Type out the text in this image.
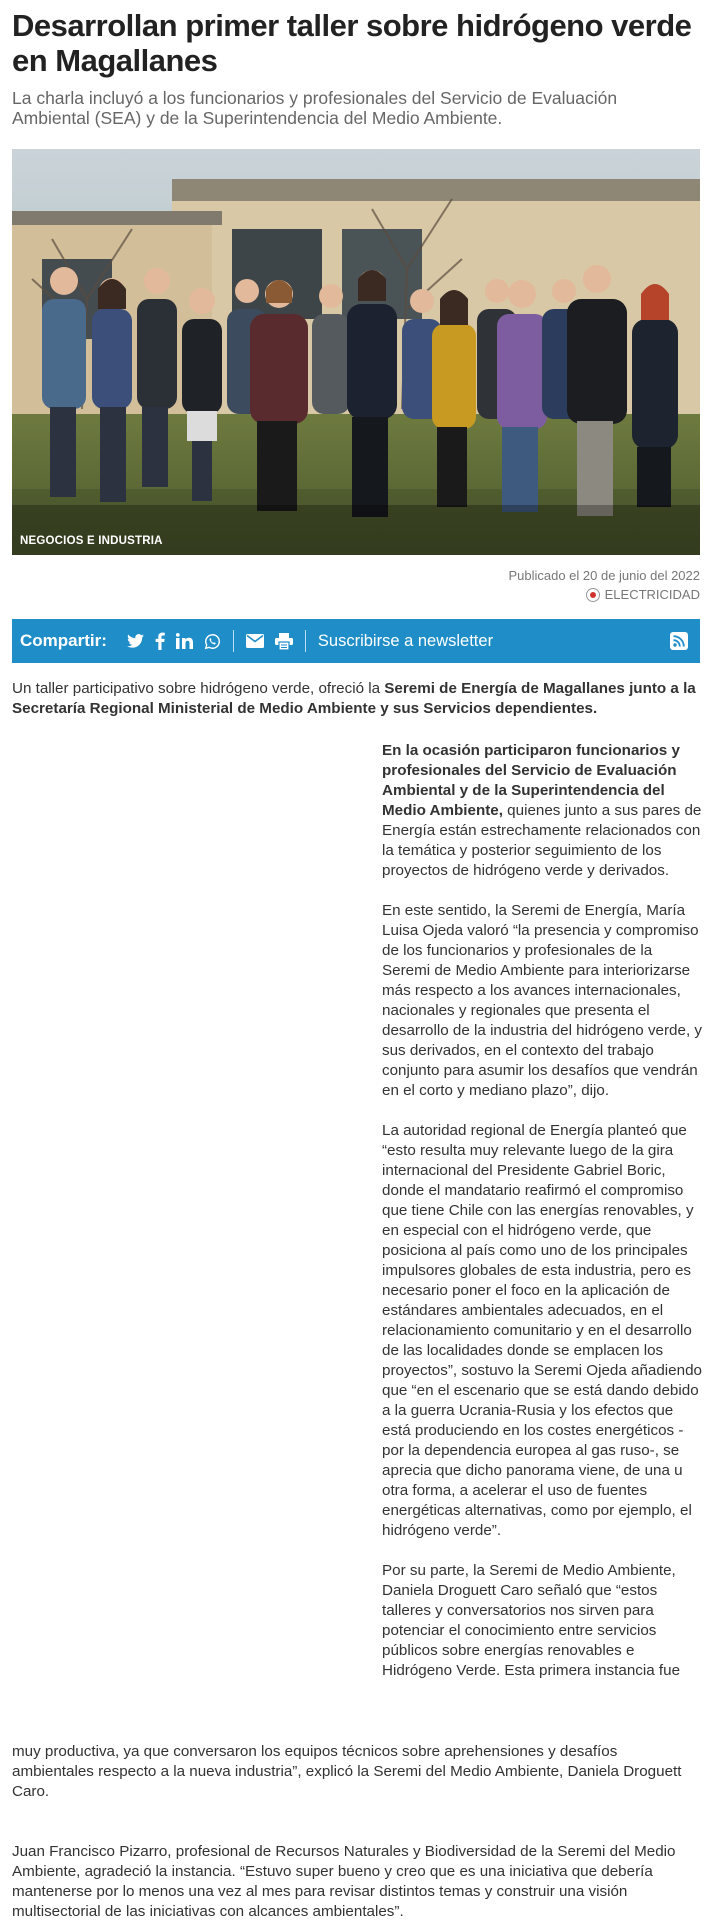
Desarrollan primer taller sobre hidrógeno verde en Magallanes

La charla incluyó a los funcionarios y profesionales del Servicio de Evaluación Ambiental (SEA) y de la Superintendencia del Medio Ambiente.

NEGOCIOS E INDUSTRIA
Publicado el 20 de junio del 2022
ELECTRICIDAD
Compartir:	Suscribirse a newsletter

Un taller participativo sobre hidrógeno verde, ofreció la Seremi de Energía de Magallanes junto a la Secretaría Regional Ministerial de Medio Ambiente y sus Servicios dependientes.

En la ocasión participaron funcionarios y profesionales del Servicio de Evaluación Ambiental y de la Superintendencia del Medio Ambiente, quienes junto a sus pares de Energía están estrechamente relacionados con la temática y posterior seguimiento de los proyectos de hidrógeno verde y derivados.

En este sentido, la Seremi de Energía, María Luisa Ojeda valoró “la presencia y compromiso de los funcionarios y profesionales de la Seremi de Medio Ambiente para interiorizarse más respecto a los avances internacionales, nacionales y regionales que presenta el desarrollo de la industria del hidrógeno verde, y sus derivados, en el contexto del trabajo conjunto para asumir los desafíos que vendrán en el corto y mediano plazo”, dijo.

La autoridad regional de Energía planteó que “esto resulta muy relevante luego de la gira internacional del Presidente Gabriel Boric, donde el mandatario reafirmó el compromiso que tiene Chile con las energías renovables, y en especial con el hidrógeno verde, que posiciona al país como uno de los principales impulsores globales de esta industria, pero es necesario poner el foco en la aplicación de estándares ambientales adecuados, en el relacionamiento comunitario y en el desarrollo de las localidades donde se emplacen los proyectos”, sostuvo la Seremi Ojeda añadiendo que “en el escenario que se está dando debido a la guerra Ucrania-Rusia y los efectos que está produciendo en los costes energéticos -por la dependencia europea al gas ruso-, se aprecia que dicho panorama viene, de una u otra forma, a acelerar el uso de fuentes energéticas alternativas, como por ejemplo, el hidrógeno verde”.

Por su parte, la Seremi de Medio Ambiente, Daniela Droguett Caro señaló que “estos talleres y conversatorios nos sirven para potenciar el conocimiento entre servicios públicos sobre energías renovables e Hidrógeno Verde. Esta primera instancia fue

muy productiva, ya que conversaron los equipos técnicos sobre aprehensiones y desafíos ambientales respecto a la nueva industria”, explicó la Seremi del Medio Ambiente, Daniela Droguett Caro.

Juan Francisco Pizarro, profesional de Recursos Naturales y Biodiversidad de la Seremi del Medio Ambiente, agradeció la instancia. “Estuvo super bueno y creo que es una iniciativa que debería mantenerse por lo menos una vez al mes para revisar distintos temas y construir una visión multisectorial de las iniciativas con alcances ambientales”.
